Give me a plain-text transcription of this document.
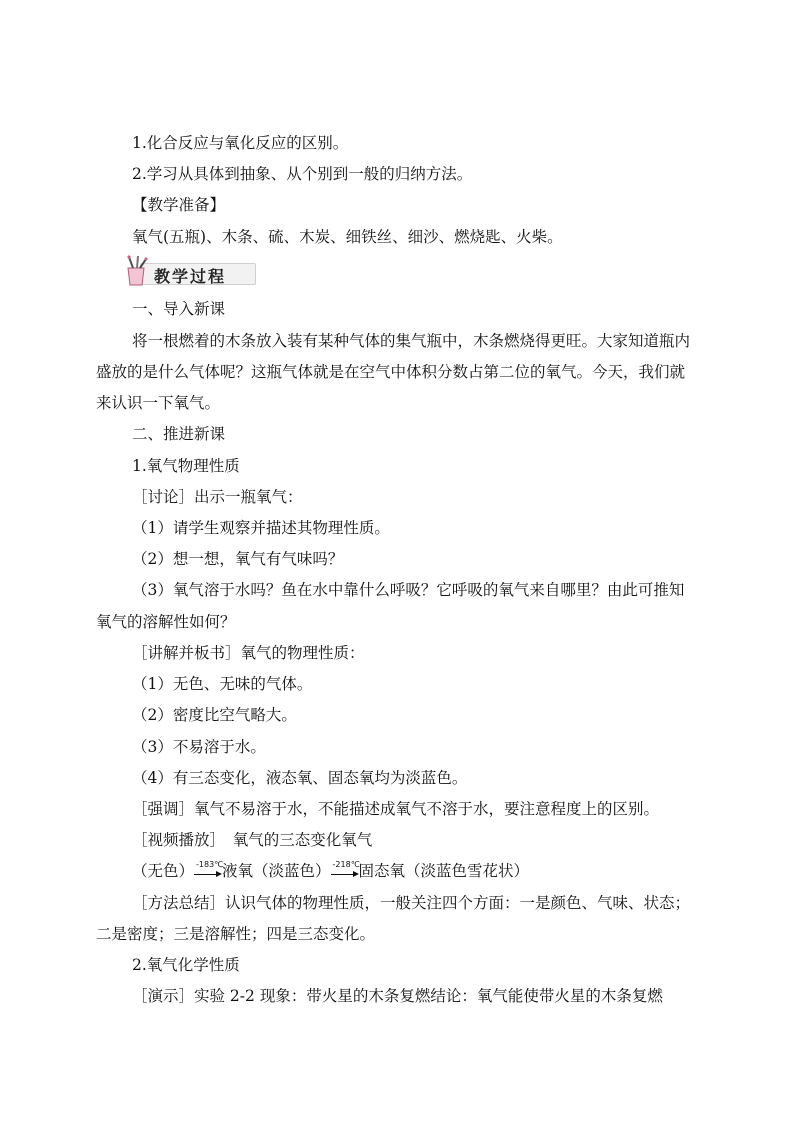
1.化合反应与氧化反应的区别。
2.学习从具体到抽象、从个别到一般的归纳方法。
【教学准备】
氧气(五瓶)、木条、硫、木炭、细铁丝、细沙、燃烧匙、火柴。
教学过程
一、导入新课
将一根燃着的木条放入装有某种气体的集气瓶中，木条燃烧得更旺。大家知道瓶内
盛放的是什么气体呢？这瓶气体就是在空气中体积分数占第二位的氧气。今天，我们就
来认识一下氧气。
二、推进新课
1.氧气物理性质
［讨论］出示一瓶氧气：
（1）请学生观察并描述其物理性质。
（2）想一想，氧气有气味吗？
（3）氧气溶于水吗？鱼在水中靠什么呼吸？它呼吸的氧气来自哪里？由此可推知
氧气的溶解性如何？
［讲解并板书］氧气的物理性质：
（1）无色、无味的气体。
（2）密度比空气略大。
（3）不易溶于水。
（4）有三态变化，液态氧、固态氧均为淡蓝色。
［强调］氧气不易溶于水，不能描述成氧气不溶于水，要注意程度上的区别。
［视频播放］　氧气的三态变化氧气
（无色） -183℃
液氧（淡蓝色） -218℃
固态氧（淡蓝色雪花状）
［方法总结］认识气体的物理性质，一般关注四个方面：一是颜色、气味、状态；
二是密度；三是溶解性；四是三态变化。
2.氧气化学性质
［演示］实验 2-2 现象：带火星的木条复燃结论：氧气能使带火星的木条复燃
